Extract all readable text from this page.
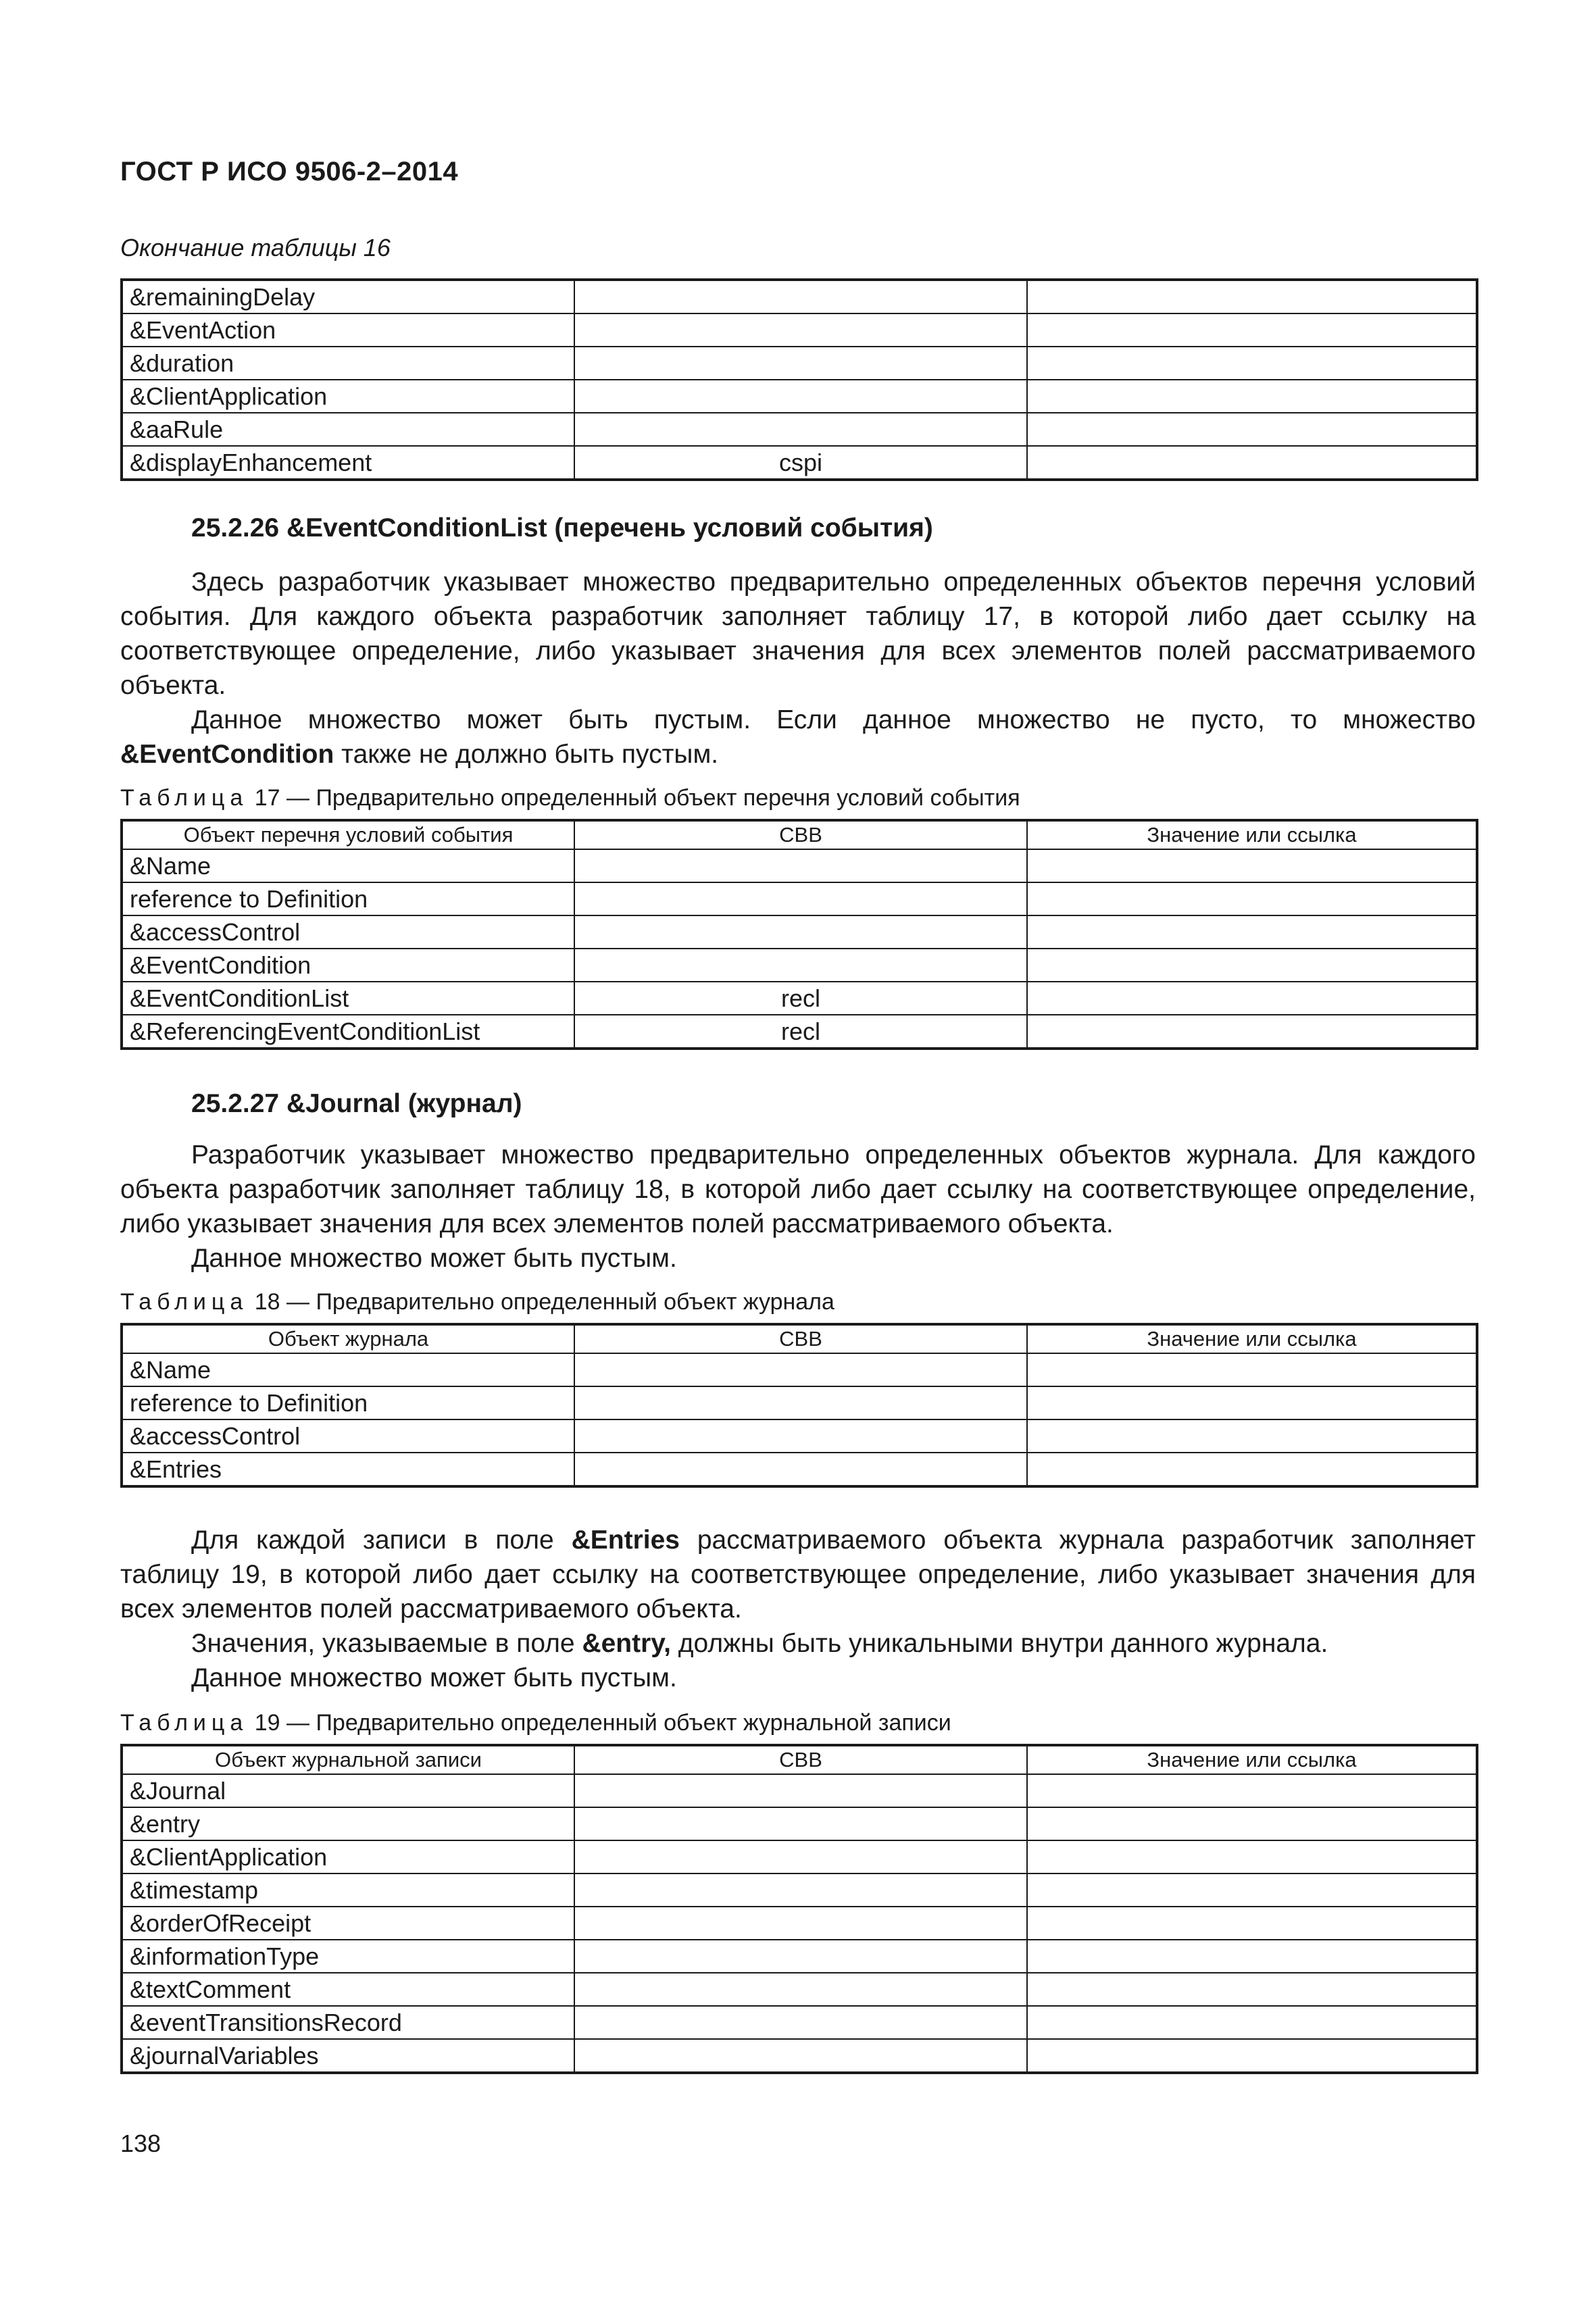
ГОСТ Р ИСО 9506-2–2014
Окончание таблицы 16
&remainingDelay		
&EventAction		
&duration		
&ClientApplication		
&aaRule		
&displayEnhancement	cspi	
25.2.26 &EventConditionList (перечень условий события)
Здесь разработчик указывает множество предварительно определенных объектов перечня условий события. Для каждого объекта разработчик заполняет таблицу 17, в которой либо дает ссылку на соответствующее определение, либо указывает значения для всех элементов полей рассматриваемого объекта.
Данное множество может быть пустым. Если данное множество не пусто, то множество &EventCondition также не должно быть пустым.
Таблица 17 — Предварительно определенный объект перечня условий события
Объект перечня условий события	СВВ	Значение или ссылка
&Name		
reference to Definition		
&accessControl		
&EventCondition		
&EventConditionList	recl	
&ReferencingEventConditionList	recl	
25.2.27 &Journal (журнал)
Разработчик указывает множество предварительно определенных объектов журнала. Для каждого объекта разработчик заполняет таблицу 18, в которой либо дает ссылку на соответствующее определение, либо указывает значения для всех элементов полей рассматриваемого объекта.
Данное множество может быть пустым.
Таблица 18 — Предварительно определенный объект журнала
Объект журнала	СВВ	Значение или ссылка
&Name		
reference to Definition		
&accessControl		
&Entries		
Для каждой записи в поле &Entries рассматриваемого объекта журнала разработчик заполняет таблицу 19, в которой либо дает ссылку на соответствующее определение, либо указывает значения для всех элементов полей рассматриваемого объекта.
Значения, указываемые в поле &entry, должны быть уникальными внутри данного журнала.
Данное множество может быть пустым.
Таблица 19 — Предварительно определенный объект журнальной записи
Объект журнальной записи	СВВ	Значение или ссылка
&Journal		
&entry		
&ClientApplication		
&timestamp		
&orderOfReceipt		
&informationType		
&textComment		
&eventTransitionsRecord		
&journalVariables		
138
